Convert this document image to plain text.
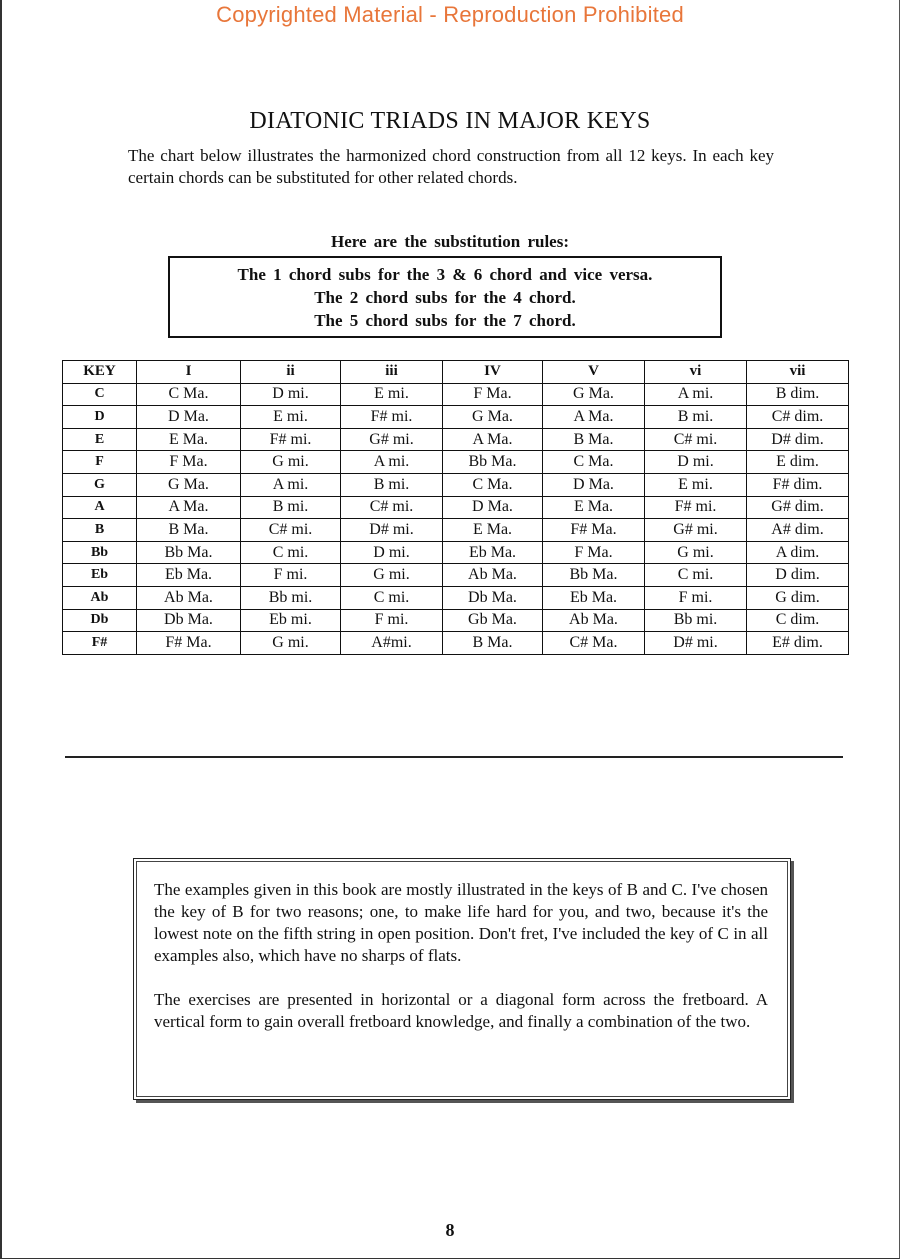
Copyrighted Material - Reproduction Prohibited
DIATONIC TRIADS IN MAJOR KEYS
The chart below illustrates the harmonized chord construction from all 12 keys. In each key certain chords can be substituted for other related chords.
Here are the substitution rules:
The 1 chord subs for the 3 & 6 chord and vice versa.
The 2 chord subs for the 4 chord.
The 5 chord subs for the 7 chord.
KEY	I	ii	iii	IV	V	vi	vii
C	C Ma.	D mi.	E mi.	F Ma.	G Ma.	A mi.	B dim.
D	D Ma.	E mi.	F# mi.	G Ma.	A Ma.	B mi.	C# dim.
E	E Ma.	F# mi.	G# mi.	A Ma.	B Ma.	C# mi.	D# dim.
F	F Ma.	G mi.	A mi.	Bb Ma.	C Ma.	D mi.	E dim.
G	G Ma.	A mi.	B mi.	C Ma.	D Ma.	E mi.	F# dim.
A	A Ma.	B mi.	C# mi.	D Ma.	E Ma.	F# mi.	G# dim.
B	B Ma.	C# mi.	D# mi.	E Ma.	F# Ma.	G# mi.	A# dim.
Bb	Bb Ma.	C mi.	D mi.	Eb Ma.	F Ma.	G mi.	A dim.
Eb	Eb Ma.	F mi.	G mi.	Ab Ma.	Bb Ma.	C mi.	D dim.
Ab	Ab Ma.	Bb mi.	C mi.	Db Ma.	Eb Ma.	F mi.	G dim.
Db	Db Ma.	Eb mi.	F mi.	Gb Ma.	Ab Ma.	Bb mi.	C dim.
F#	F# Ma.	G mi.	A#mi.	B Ma.	C# Ma.	D# mi.	E# dim.

The examples given in this book are mostly illustrated in the keys of B and C. I've chosen the key of B for two reasons; one, to make life hard for you, and two, because it's the lowest note on the fifth string in open position. Don't fret, I've included the key of C in all examples also, which have no sharps of flats.

The exercises are presented in horizontal or a diagonal form across the fretboard. A vertical form to gain overall fretboard knowledge, and finally a combination of the two.

8
